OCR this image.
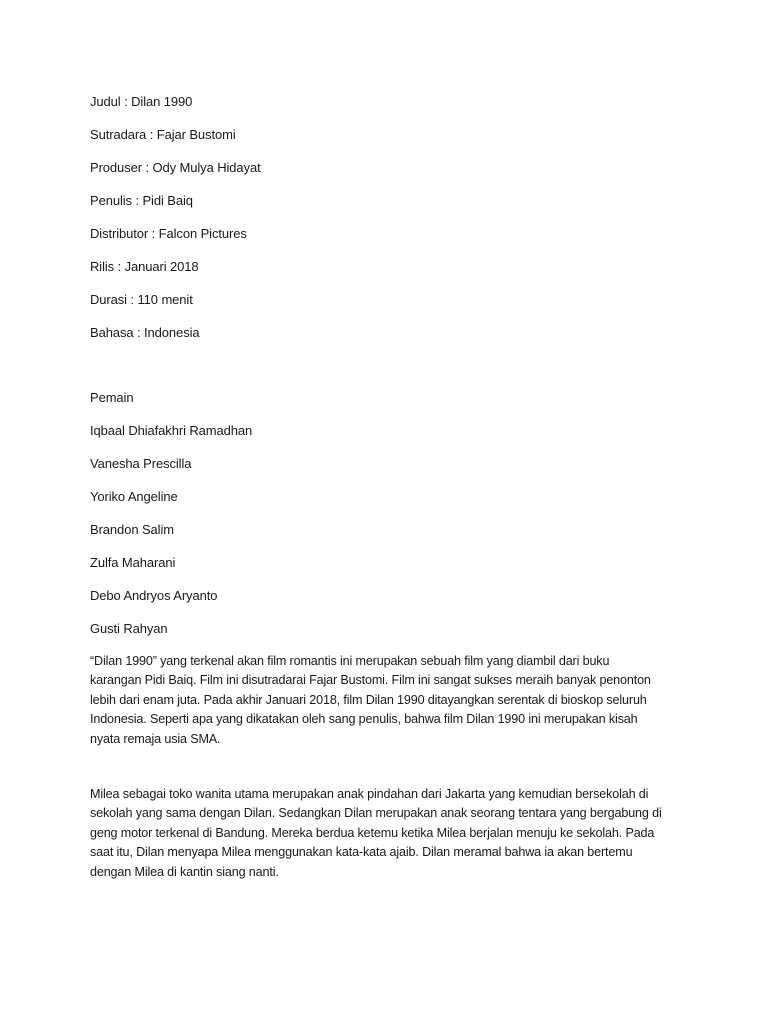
Judul : Dilan 1990
Sutradara : Fajar Bustomi
Produser : Ody Mulya Hidayat
Penulis : Pidi Baiq
Distributor : Falcon Pictures
Rilis : Januari 2018
Durasi : 110 menit
Bahasa : Indonesia
Pemain
Iqbaal Dhiafakhri Ramadhan
Vanesha Prescilla
Yoriko Angeline
Brandon Salim
Zulfa Maharani
Debo Andryos Aryanto
Gusti Rahyan
“Dilan 1990” yang terkenal akan film romantis ini merupakan sebuah film yang diambil dari buku
karangan Pidi Baiq. Film ini disutradarai Fajar Bustomi. Film ini sangat sukses meraih banyak penonton
lebih dari enam juta. Pada akhir Januari 2018, film Dilan 1990 ditayangkan serentak di bioskop seluruh
Indonesia. Seperti apa yang dikatakan oleh sang penulis, bahwa film Dilan 1990 ini merupakan kisah
nyata remaja usia SMA.
Milea sebagai toko wanita utama merupakan anak pindahan dari Jakarta yang kemudian bersekolah di
sekolah yang sama dengan Dilan. Sedangkan Dilan merupakan anak seorang tentara yang bergabung di
geng motor terkenal di Bandung. Mereka berdua ketemu ketika Milea berjalan menuju ke sekolah. Pada
saat itu, Dilan menyapa Milea menggunakan kata-kata ajaib. Dilan meramal bahwa ia akan bertemu
dengan Milea di kantin siang nanti.
